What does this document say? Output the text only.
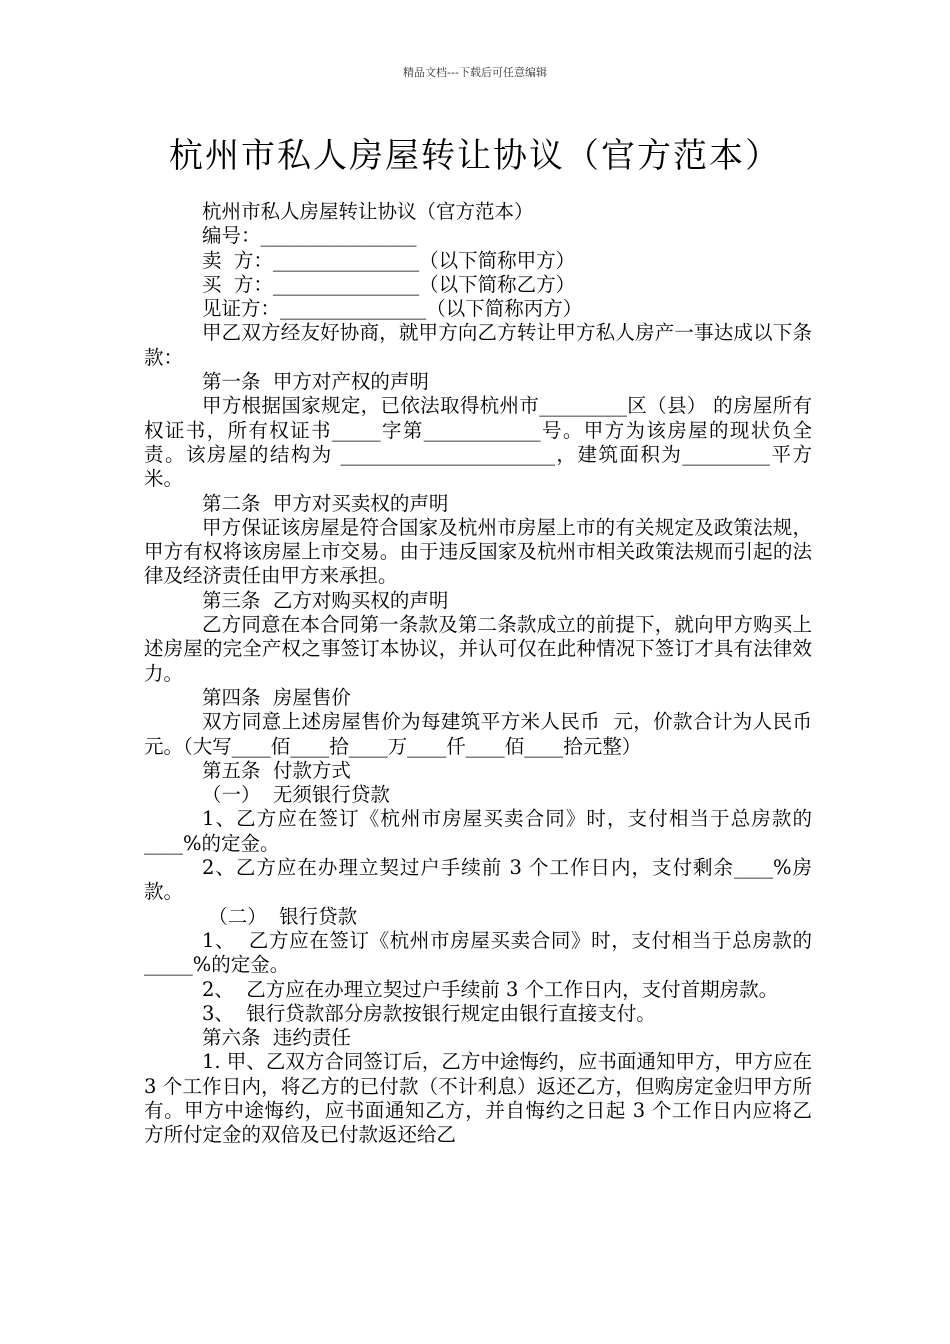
精品文档---下载后可任意编辑
杭州市私人房屋转让协议（官方范本）

杭州市私人房屋转让协议（官方范本）

编号：________________

卖  方：_______________（以下简称甲方）

买  方：_______________（以下简称乙方）

见证方：_______________（以下简称丙方）

甲乙双方经友好协商，就甲方向乙方转让甲方私人房产一事达成以下条款：

第一条  甲方对产权的声明

甲方根据国家规定，已依法取得杭州市_________区（县） 的房屋所有权证书，所有权证书_____字第____________号。甲方为该房屋的现状负全责。该房屋的结构为 ______________________，建筑面积为_________平方米。

第二条  甲方对买卖权的声明

甲方保证该房屋是符合国家及杭州市房屋上市的有关规定及政策法规，甲方有权将该房屋上市交易。由于违反国家及杭州市相关政策法规而引起的法律及经济责任由甲方来承担。

第三条  乙方对购买权的声明

乙方同意在本合同第一条款及第二条款成立的前提下，就向甲方购买上述房屋的完全产权之事签订本协议，并认可仅在此种情况下签订才具有法律效力。

第四条  房屋售价

双方同意上述房屋售价为每建筑平方米人民币  元，价款合计为人民币  元。（大写____佰____拾____万____仟____佰____拾元整）

第五条  付款方式

（一）  无须银行贷款

1、乙方应在签订《杭州市房屋买卖合同》时，支付相当于总房款的____%的定金。

2、乙方应在办理立契过户手续前 3 个工作日内，支付剩余____%房款。

（二）  银行贷款

1、  乙方应在签订《杭州市房屋买卖合同》时，支付相当于总房款的_____%的定金。

2、  乙方应在办理立契过户手续前 3 个工作日内，支付首期房款。

3、  银行贷款部分房款按银行规定由银行直接支付。

第六条  违约责任

1. 甲、乙双方合同签订后，乙方中途悔约，应书面通知甲方，甲方应在 3 个工作日内，将乙方的已付款（不计利息）返还乙方，但购房定金归甲方所有。甲方中途悔约，应书面通知乙方，并自悔约之日起 3 个工作日内应将乙方所付定金的双倍及已付款返还给乙
